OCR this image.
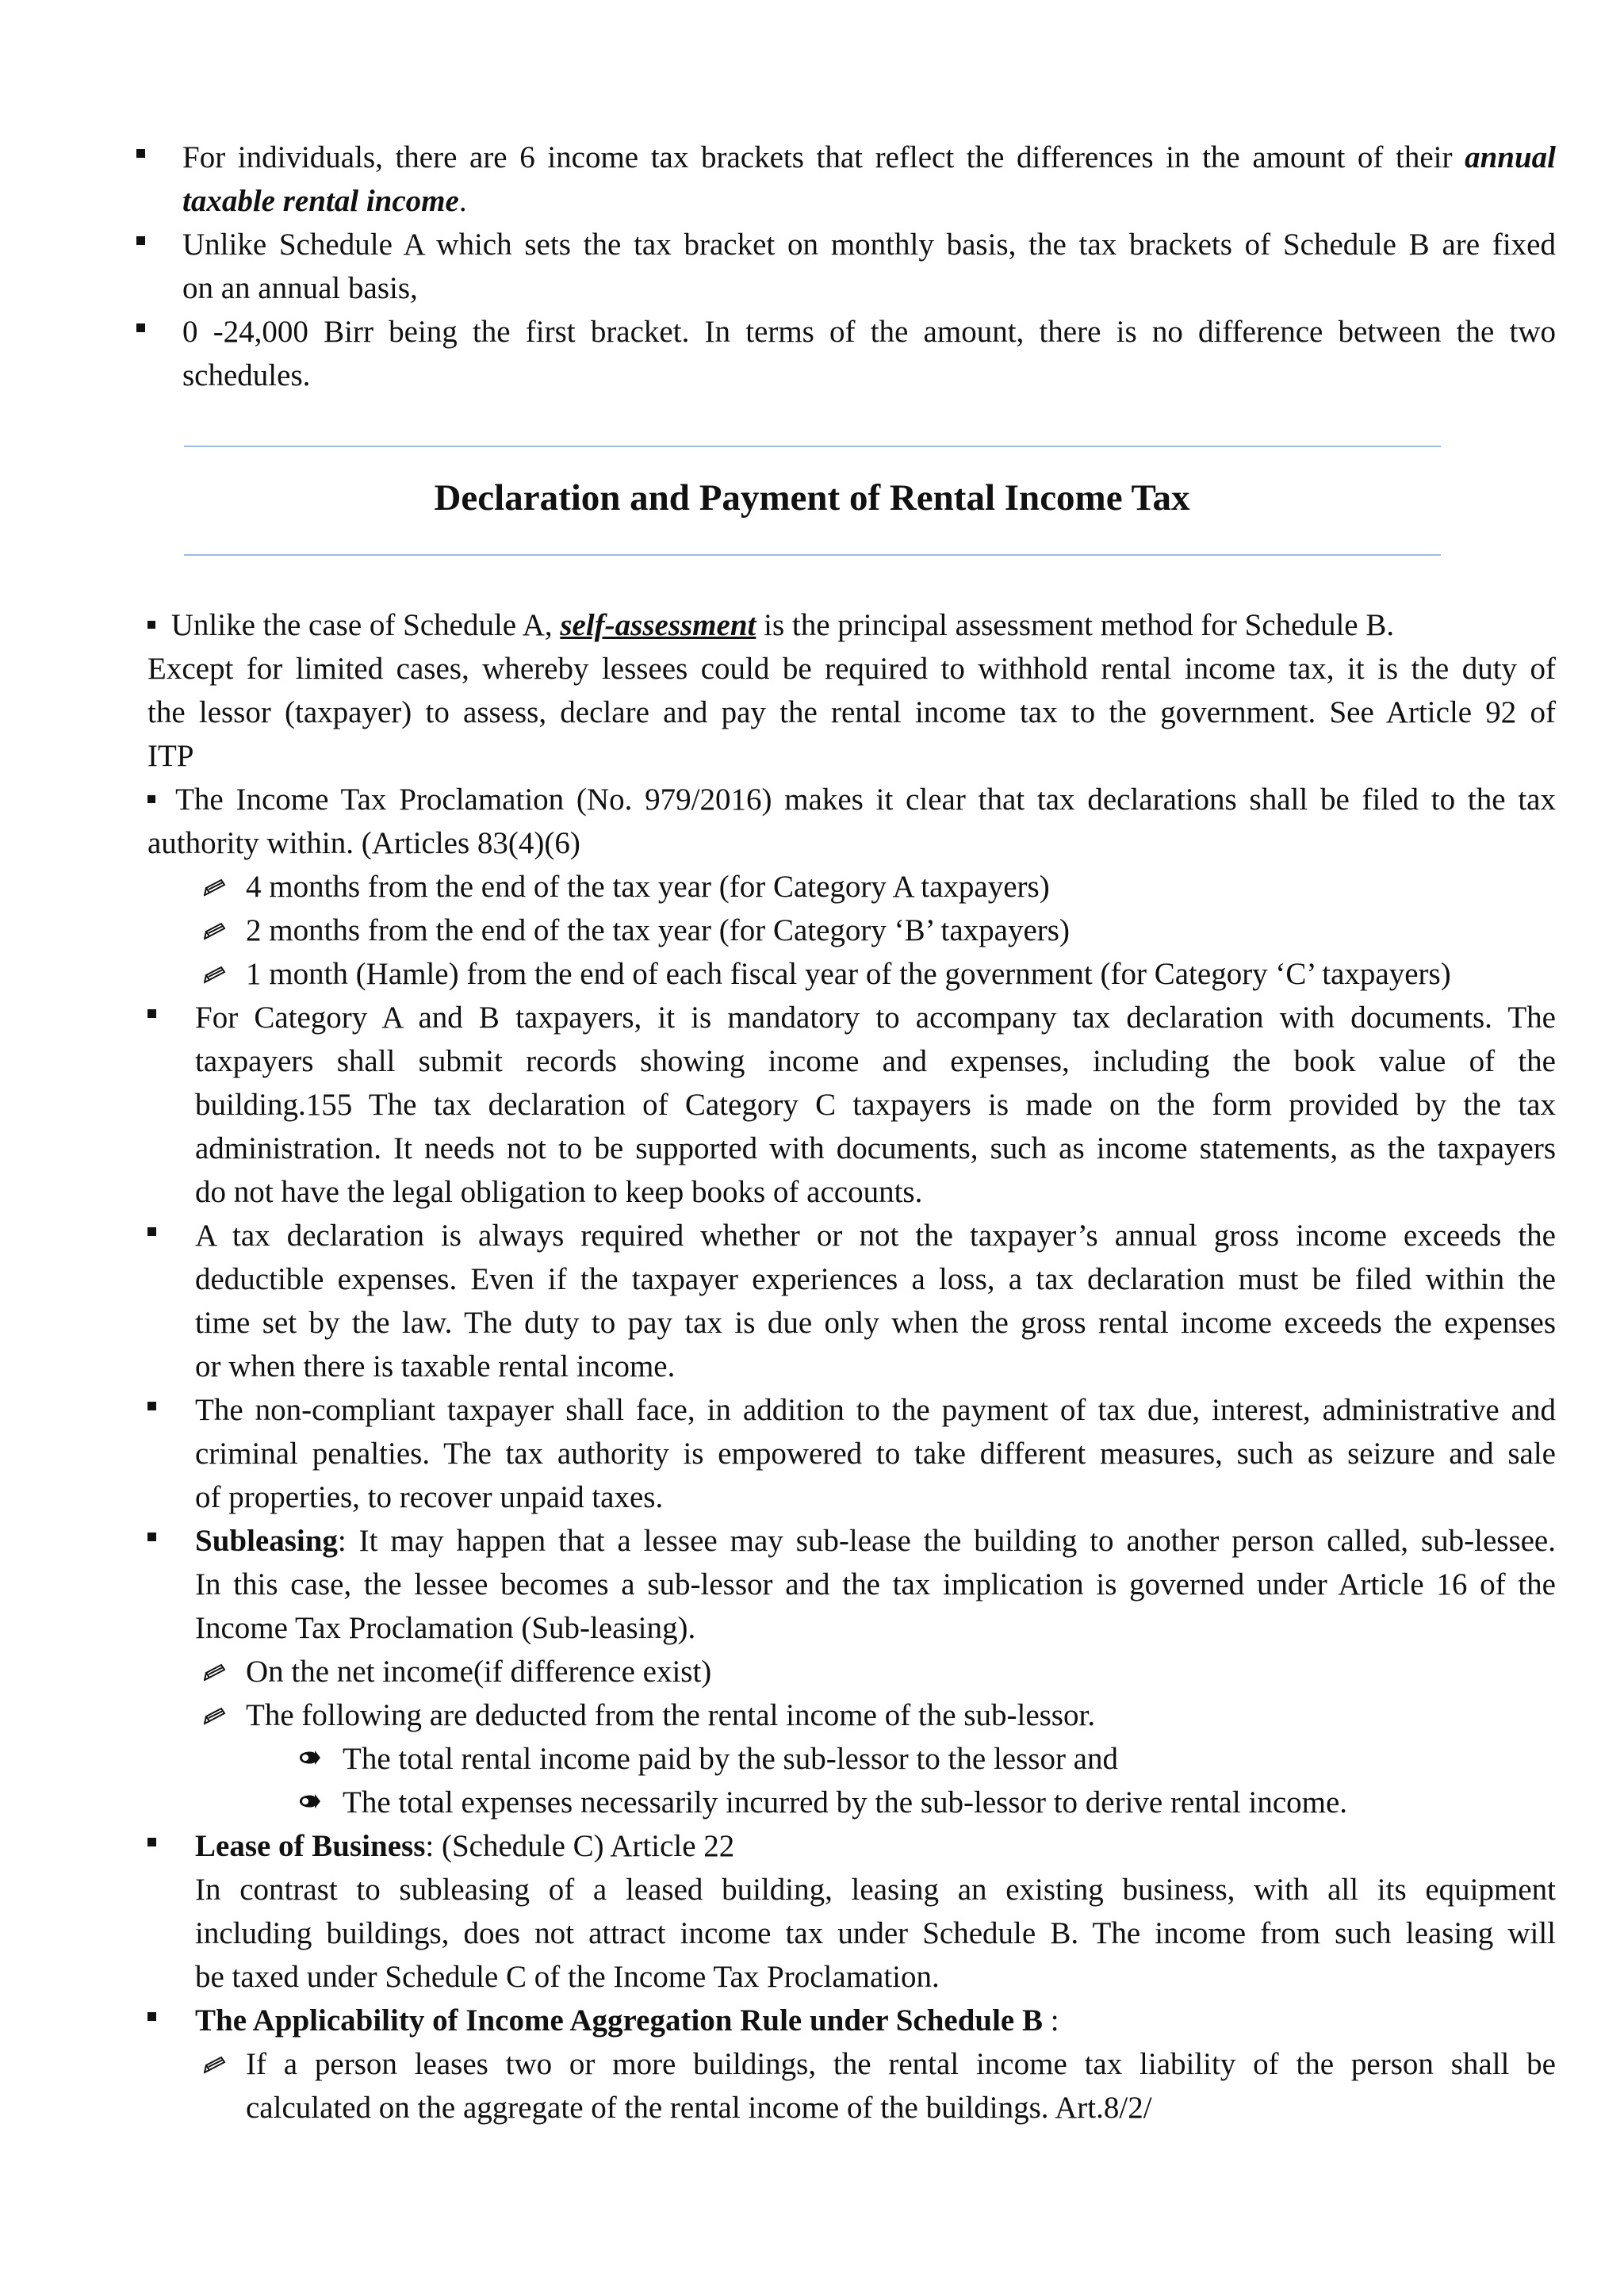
For individuals, there are 6 income tax brackets that reflect the differences in the amount of their annual
taxable rental income.
Unlike Schedule A which sets the tax bracket on monthly basis, the tax brackets of Schedule B are fixed
on an annual basis,
0 -24,000 Birr being the first bracket. In terms of the amount, there is no difference between the two
schedules.
Declaration and Payment of Rental Income Tax
Unlike the case of Schedule A, self-assessment is the principal assessment method for Schedule B.
Except for limited cases, whereby lessees could be required to withhold rental income tax, it is the duty of
the lessor (taxpayer) to assess, declare and pay the rental income tax to the government. See Article 92 of
ITP
The Income Tax Proclamation (No. 979/2016) makes it clear that tax declarations shall be filed to the tax
authority within. (Articles 83(4)(6)
4 months from the end of the tax year (for Category A taxpayers)
2 months from the end of the tax year (for Category ‘B’ taxpayers)
1 month (Hamle) from the end of each fiscal year of the government (for Category ‘C’ taxpayers)
For Category A and B taxpayers, it is mandatory to accompany tax declaration with documents. The
taxpayers shall submit records showing income and expenses, including the book value of the
building.155 The tax declaration of Category C taxpayers is made on the form provided by the tax
administration. It needs not to be supported with documents, such as income statements, as the taxpayers
do not have the legal obligation to keep books of accounts.
A tax declaration is always required whether or not the taxpayer’s annual gross income exceeds the
deductible expenses. Even if the taxpayer experiences a loss, a tax declaration must be filed within the
time set by the law. The duty to pay tax is due only when the gross rental income exceeds the expenses
or when there is taxable rental income.
The non-compliant taxpayer shall face, in addition to the payment of tax due, interest, administrative and
criminal penalties. The tax authority is empowered to take different measures, such as seizure and sale
of properties, to recover unpaid taxes.
Subleasing: It may happen that a lessee may sub-lease the building to another person called, sub-lessee.
In this case, the lessee becomes a sub-lessor and the tax implication is governed under Article 16 of the
Income Tax Proclamation (Sub-leasing).
On the net income(if difference exist)
The following are deducted from the rental income of the sub-lessor.
The total rental income paid by the sub-lessor to the lessor and
The total expenses necessarily incurred by the sub-lessor to derive rental income.
Lease of Business: (Schedule C) Article 22
In contrast to subleasing of a leased building, leasing an existing business, with all its equipment
including buildings, does not attract income tax under Schedule B. The income from such leasing will
be taxed under Schedule C of the Income Tax Proclamation.
The Applicability of Income Aggregation Rule under Schedule B :
If a person leases two or more buildings, the rental income tax liability of the person shall be
calculated on the aggregate of the rental income of the buildings. Art.8/2/
